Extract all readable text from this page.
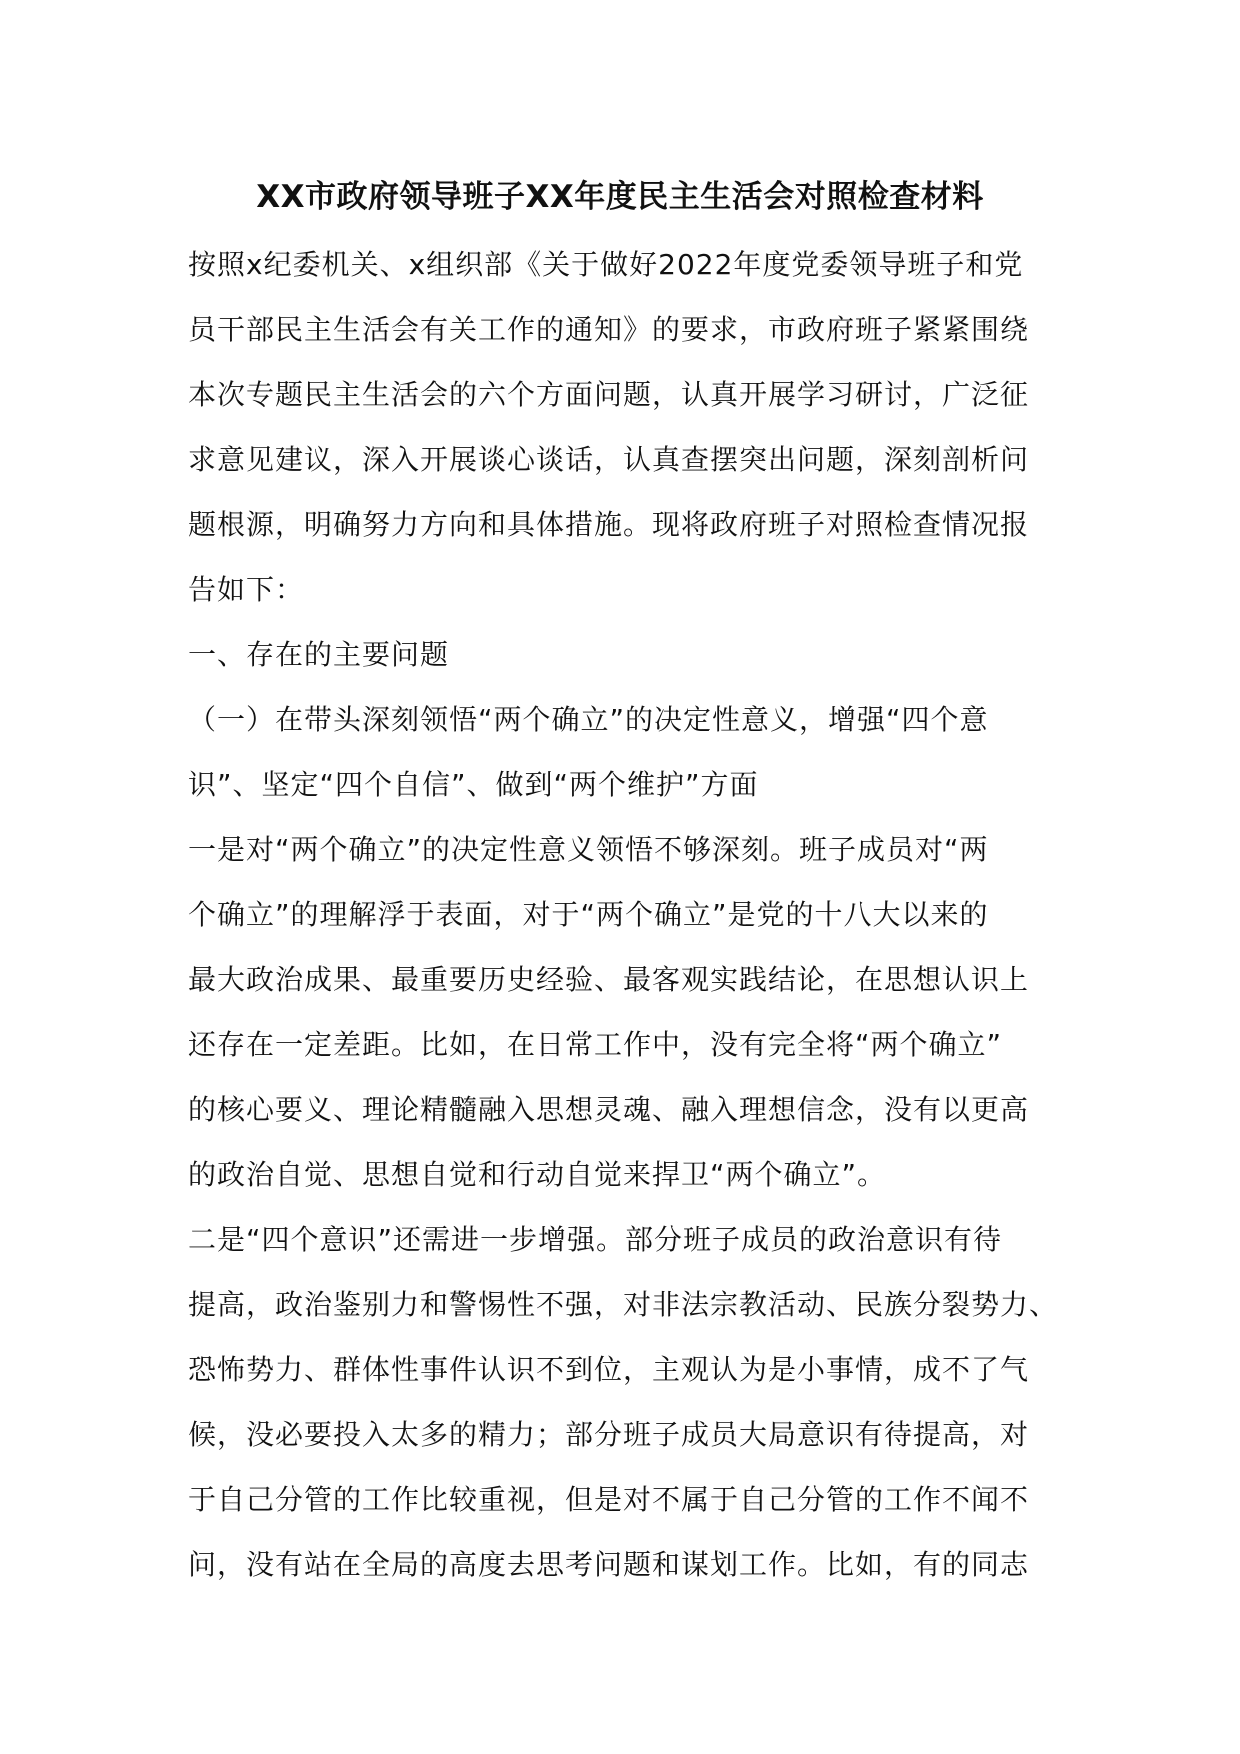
XX市政府领导班子XX年度民主生活会对照检查材料
按照x纪委机关、x组织部《关于做好2022年度党委领导班子和党
员干部民主生活会有关工作的通知》的要求，市政府班子紧紧围绕
本次专题民主生活会的六个方面问题，认真开展学习研讨，广泛征
求意见建议，深入开展谈心谈话，认真查摆突出问题，深刻剖析问
题根源，明确努力方向和具体措施。现将政府班子对照检查情况报
告如下：
一、存在的主要问题
（一）在带头深刻领悟“两个确立”的决定性意义，增强“四个意
识”、坚定“四个自信”、做到“两个维护”方面
一是对“两个确立”的决定性意义领悟不够深刻。班子成员对“两
个确立”的理解浮于表面，对于“两个确立”是党的十八大以来的
最大政治成果、最重要历史经验、最客观实践结论，在思想认识上
还存在一定差距。比如，在日常工作中，没有完全将“两个确立”
的核心要义、理论精髓融入思想灵魂、融入理想信念，没有以更高
的政治自觉、思想自觉和行动自觉来捍卫“两个确立”。
二是“四个意识”还需进一步增强。部分班子成员的政治意识有待
提高，政治鉴别力和警惕性不强，对非法宗教活动、民族分裂势力、
恐怖势力、群体性事件认识不到位，主观认为是小事情，成不了气
候，没必要投入太多的精力；部分班子成员大局意识有待提高，对
于自己分管的工作比较重视，但是对不属于自己分管的工作不闻不
问，没有站在全局的高度去思考问题和谋划工作。比如，有的同志
